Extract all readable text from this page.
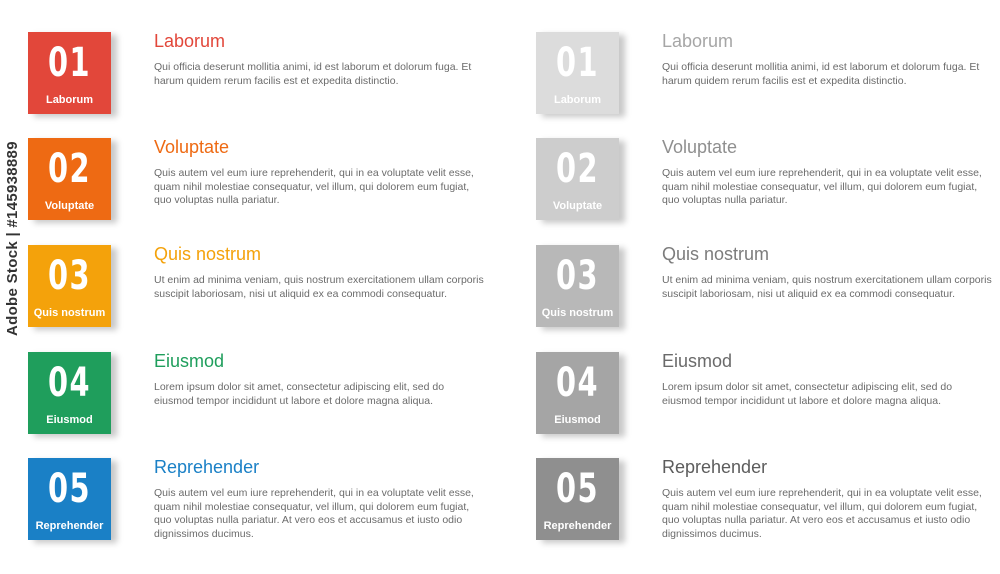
Adobe Stock | #145938889
01
Laborum
Laborum
Qui officia deserunt mollitia animi, id est laborum et dolorum fuga. Et harum quidem rerum facilis est et expedita distinctio.
02
Voluptate
Voluptate
Quis autem vel eum iure reprehenderit, qui in ea voluptate velit esse, quam nihil molestiae consequatur, vel illum, qui dolorem eum fugiat, quo voluptas nulla pariatur.
03
Quis nostrum
Quis nostrum
Ut enim ad minima veniam, quis nostrum exercitationem ullam corporis suscipit laboriosam, nisi ut aliquid ex ea commodi consequatur.
04
Eiusmod
Eiusmod
Lorem ipsum dolor sit amet, consectetur adipiscing elit, sed do eiusmod tempor incididunt ut labore et dolore magna aliqua.
05
Reprehender
Reprehender
Quis autem vel eum iure reprehenderit, qui in ea voluptate velit esse, quam nihil molestiae consequatur, vel illum, qui dolorem eum fugiat, quo voluptas nulla pariatur. At vero eos et accusamus et iusto odio dignissimos ducimus.
01
Laborum
Laborum
Qui officia deserunt mollitia animi, id est laborum et dolorum fuga. Et harum quidem rerum facilis est et expedita distinctio.
02
Voluptate
Voluptate
Quis autem vel eum iure reprehenderit, qui in ea voluptate velit esse, quam nihil molestiae consequatur, vel illum, qui dolorem eum fugiat, quo voluptas nulla pariatur.
03
Quis nostrum
Quis nostrum
Ut enim ad minima veniam, quis nostrum exercitationem ullam corporis suscipit laboriosam, nisi ut aliquid ex ea commodi consequatur.
04
Eiusmod
Eiusmod
Lorem ipsum dolor sit amet, consectetur adipiscing elit, sed do eiusmod tempor incididunt ut labore et dolore magna aliqua.
05
Reprehender
Reprehender
Quis autem vel eum iure reprehenderit, qui in ea voluptate velit esse, quam nihil molestiae consequatur, vel illum, qui dolorem eum fugiat, quo voluptas nulla pariatur. At vero eos et accusamus et iusto odio dignissimos ducimus.
